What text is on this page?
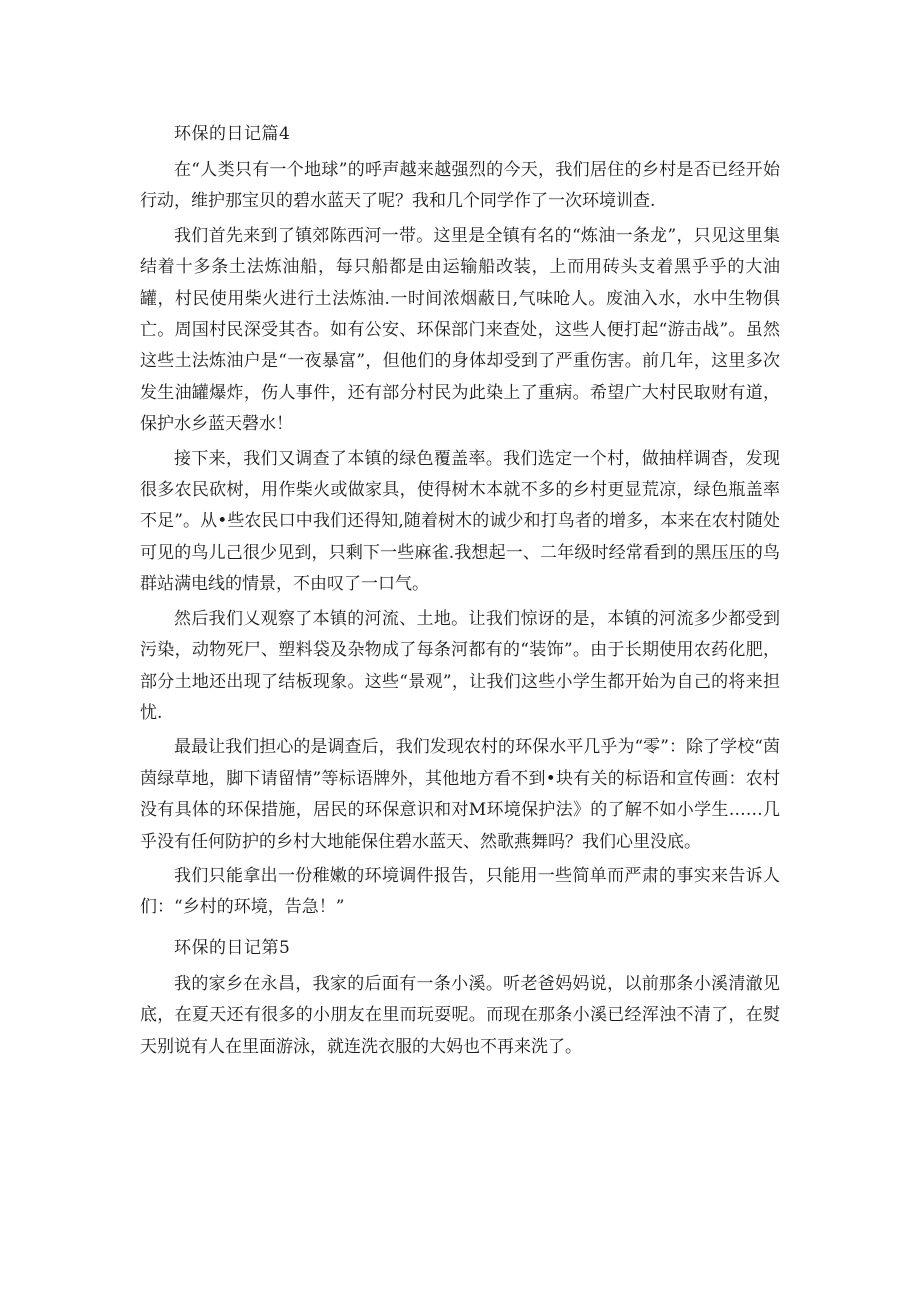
环保的日记篇4

在“人类只有一个地球”的呼声越来越强烈的今天，我们居住的乡村是否已经开始行动，维护那宝贝的碧水蓝天了呢？我和几个同学作了一次环境训查.

我们首先来到了镇郊陈西河一带。这里是全镇有名的“炼油一条龙”，只见这里集结着十多条土法炼油船，每只船都是由运输船改装，上而用砖头支着黑乎乎的大油罐，村民使用柴火进行土法炼油.一时间浓烟蔽日,气味呛人。废油入水，水中生物俱亡。周国村民深受其杏。如有公安、环保部门来查处，这些人便打起“游击战”。虽然这些土法炼油户是“一夜暴富”，但他们的身体却受到了严重伤害。前几年，这里多次发生油罐爆炸，伤人事件，还有部分村民为此染上了重病。希望广大村民取财有道，保护水乡蓝天磬水！

接下来，我们又调查了本镇的绿色覆盖率。我们选定一个村，做抽样调杳，发现很多农民砍树，用作柴火或做家具，使得树木本就不多的乡村更显荒凉，绿色瓶盖率不足”。从•些农民口中我们还得知,随着树木的诚少和打鸟者的增多，本来在农村随处可见的鸟儿己很少见到，只剩下一些麻雀.我想起一、二年级时经常看到的黑压压的鸟群站满电线的情景，不由叹了一口气。

然后我们乂观察了本镇的河流、土地。让我们惊讶的是，本镇的河流多少都受到污染，动物死尸、塑料袋及杂物成了每条河都有的“装饰”。由于长期使用农药化肥，部分土地还出现了结板现象。这些“景观”，让我们这些小学生都开始为自己的将来担忧.

最最让我们担心的是调查后，我们发现农村的环保水平几乎为“零”：除了学校“茵茵绿草地，脚下请留情”等标语牌外，其他地方看不到•块有关的标语和宣传画：农村没有具体的环保措施，居民的环保意识和对M环境保护法》的了解不如小学生……几乎没有任何防护的乡村大地能保住碧水蓝天、然歌燕舞吗？我们心里没底。

我们只能拿出一份稚嫩的环境调件报告，只能用一些简单而严肃的事实来告诉人们：“乡村的环境，告急！”

环保的日记第5

我的家乡在永昌，我家的后面有一条小溪。听老爸妈妈说，以前那条小溪清澈见底，在夏天还有很多的小朋友在里而玩耍呢。而现在那条小溪已经浑浊不清了，在熨天别说有人在里面游泳，就连洗衣服的大妈也不再来洗了。
